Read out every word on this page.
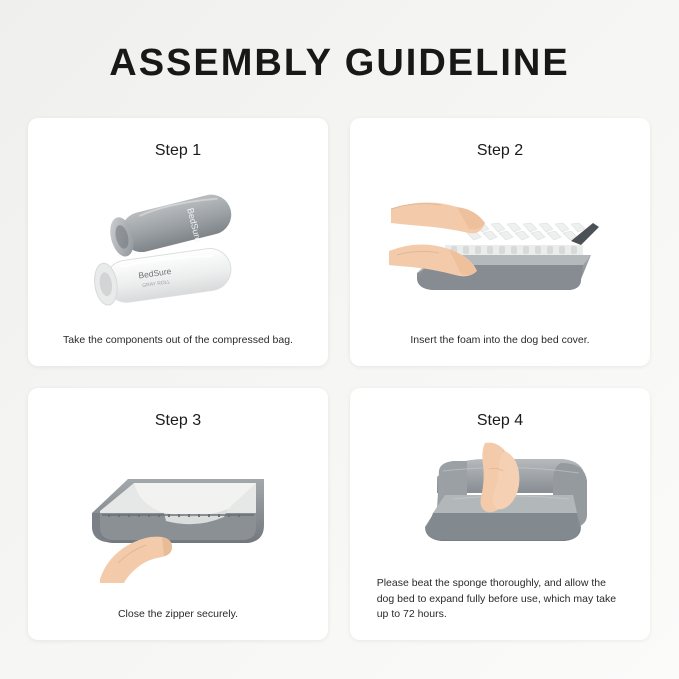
ASSEMBLY GUIDELINE
Step 1
BedSure
BedSure
GRAY ROLL
Take the components out of the compressed bag.
Step 2
Insert the foam into the dog bed cover.
Step 3
Close the zipper securely.
Step 4
Please beat the sponge thoroughly, and allow the dog bed to expand fully before use, which may take up to 72 hours.
